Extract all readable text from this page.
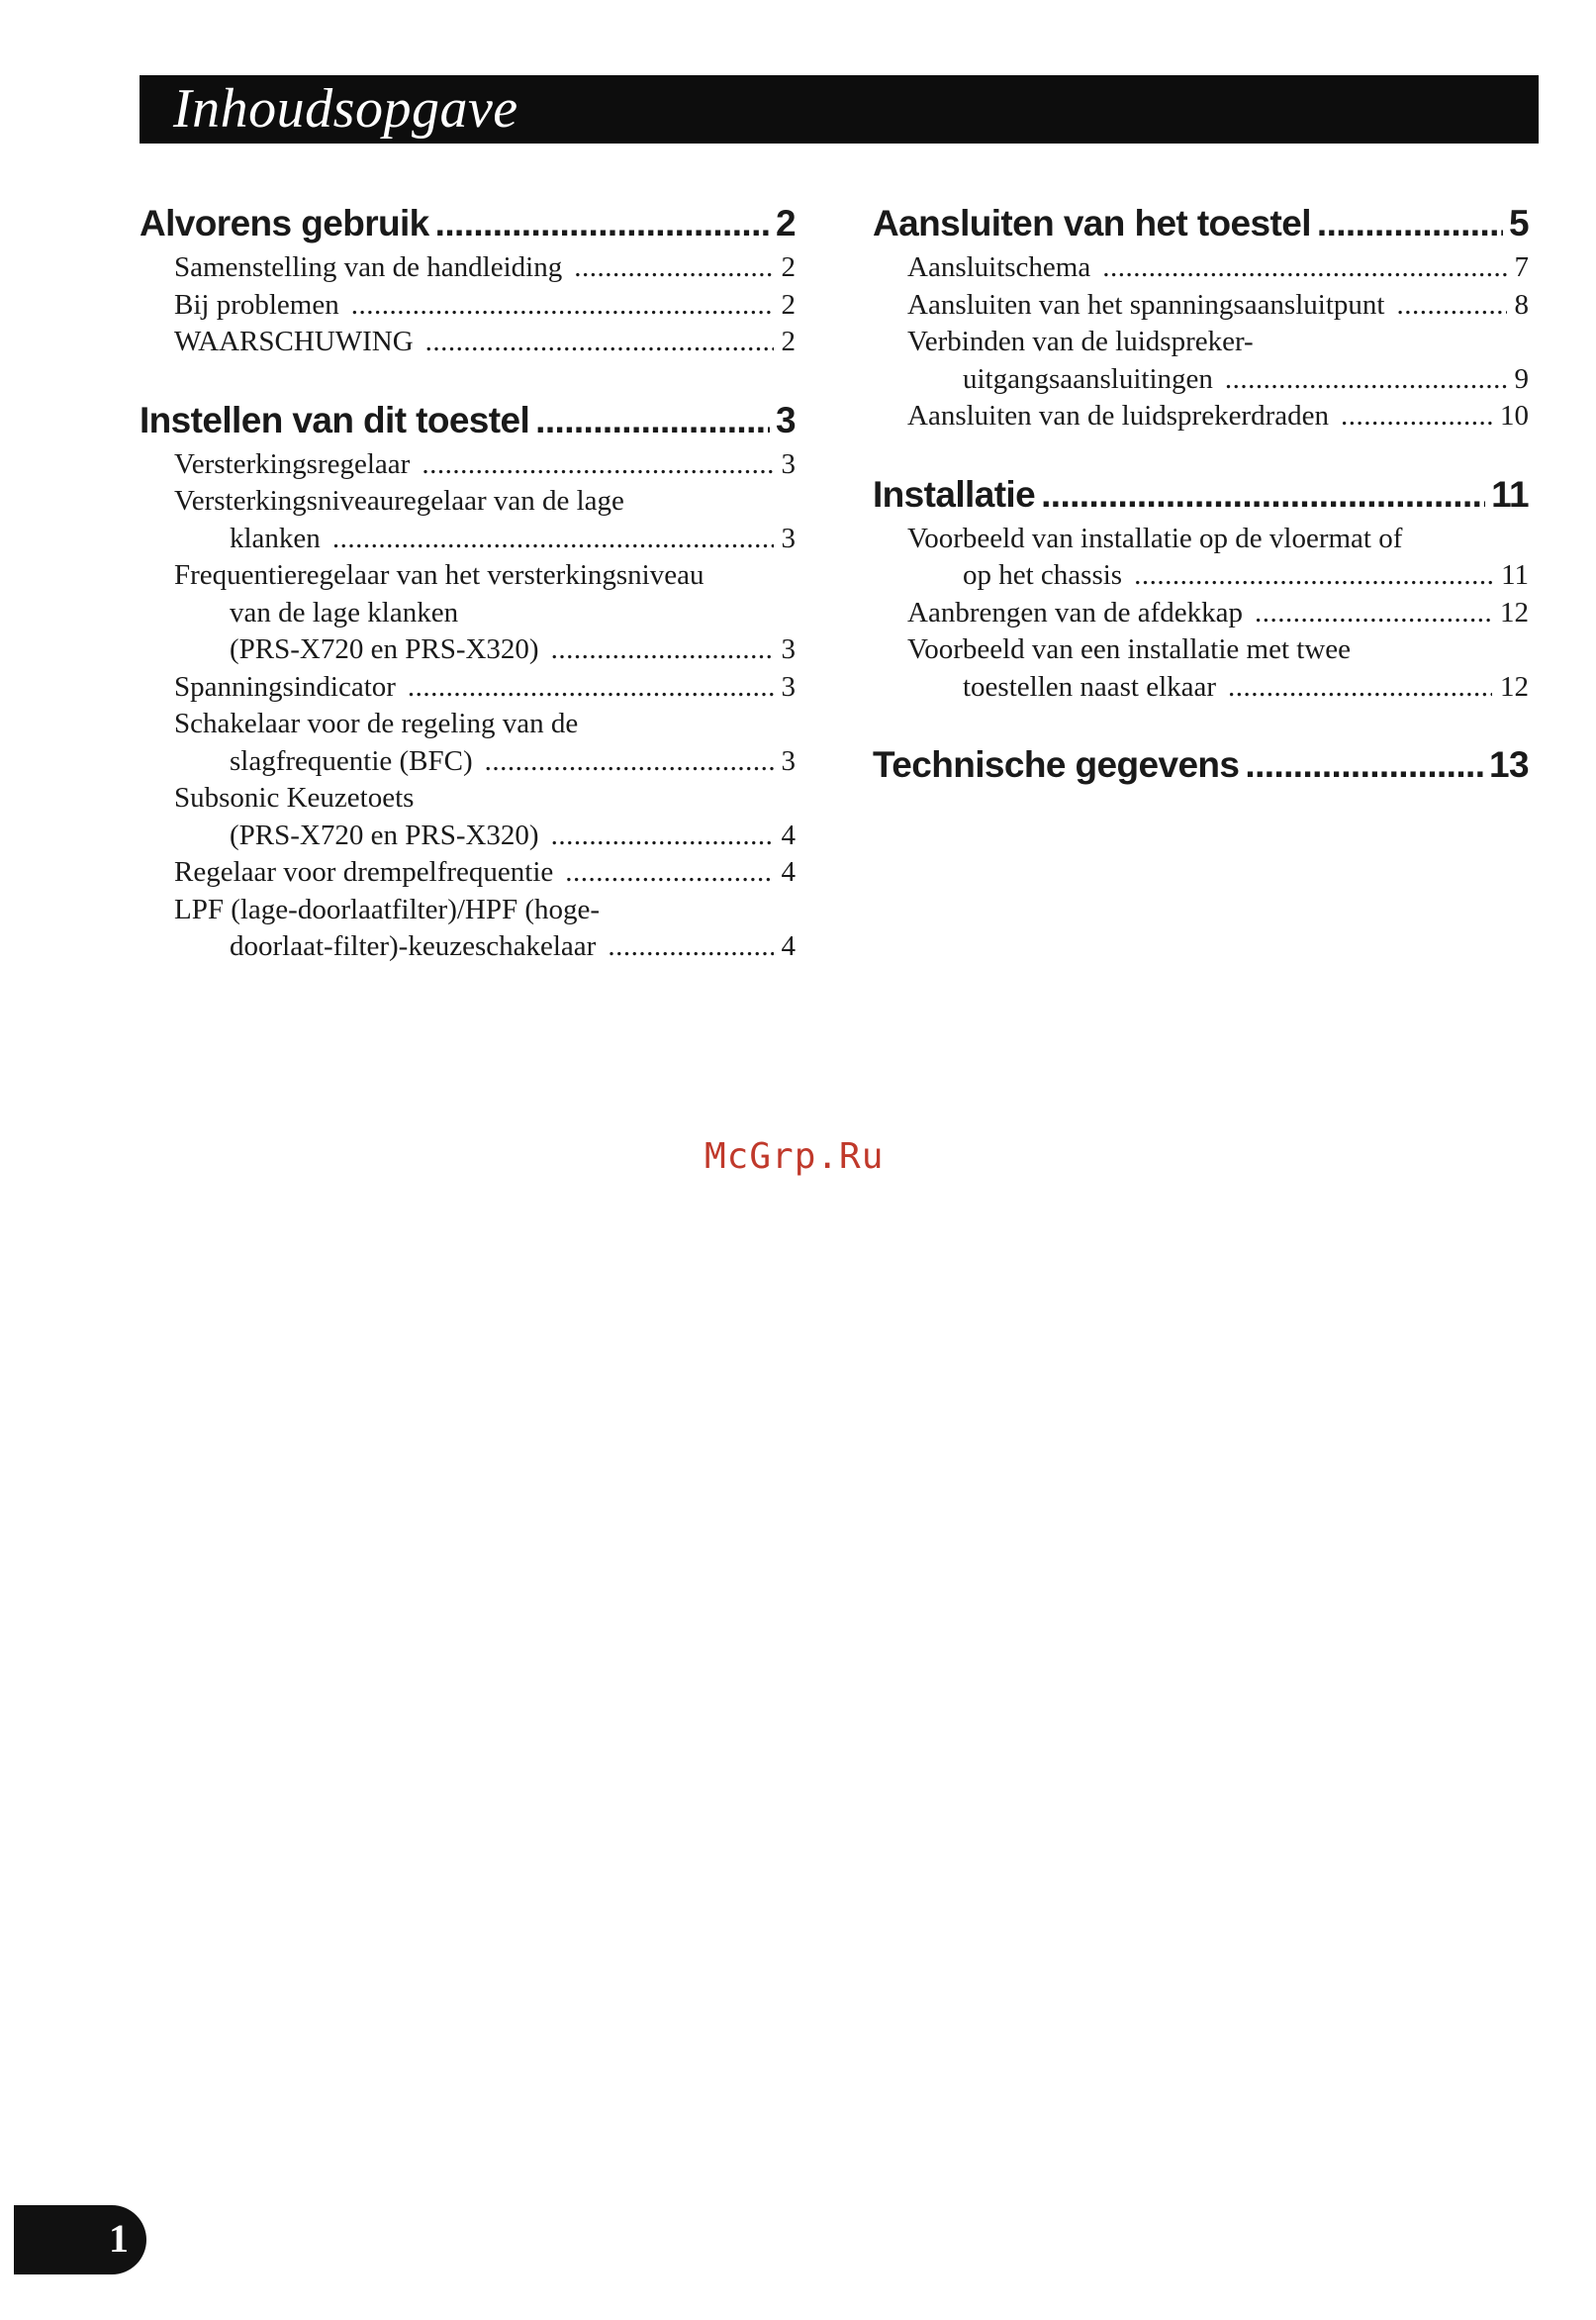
Inhoudsopgave
Alvorens gebruik .....	2
Samenstelling van de handleiding .....	2
Bij problemen .....	2
WAARSCHUWING .....	2
Instellen van dit toestel .....	3
Versterkingsregelaar .....	3
Versterkingsniveauregelaar van de lage
klanken .....	3
Frequentieregelaar van het versterkingsniveau
van de lage klanken
(PRS-X720 en PRS-X320) .....	3
Spanningsindicator .....	3
Schakelaar voor de regeling van de
slagfrequentie (BFC) .....	3
Subsonic Keuzetoets
(PRS-X720 en PRS-X320) .....	4
Regelaar voor drempelfrequentie .....	4
LPF (lage-doorlaatfilter)/HPF (hoge-
doorlaat-filter)-keuzeschakelaar .....	4
Aansluiten van het toestel .....	5
Aansluitschema .....	7
Aansluiten van het spanningsaansluitpunt .....	8
Verbinden van de luidspreker-
uitgangsaansluitingen .....	9
Aansluiten van de luidsprekerdraden .....	10
Installatie .....	11
Voorbeeld van installatie op de vloermat of
op het chassis .....	11
Aanbrengen van de afdekkap .....	12
Voorbeeld van een installatie met twee
toestellen naast elkaar .....	12
Technische gegevens .....	13
McGrp.Ru
1
